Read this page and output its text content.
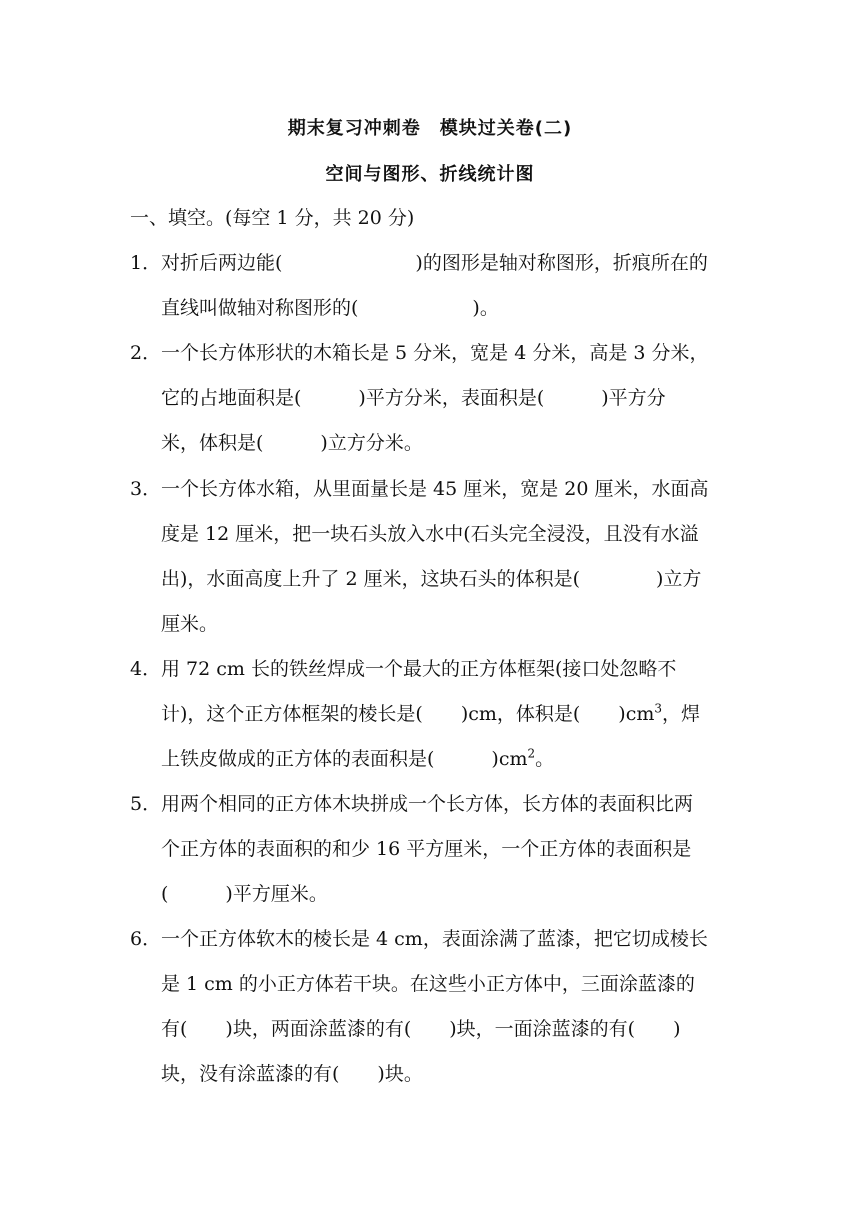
期末复习冲刺卷　模块过关卷(二)
空间与图形、折线统计图
一、填空。(每空 1 分，共 20 分)
1． 对折后两边能(　　　　　　　)的图形是轴对称图形，折痕所在的
直线叫做轴对称图形的(　　　　　　)。
2． 一个长方体形状的木箱长是 5 分米，宽是 4 分米，高是 3 分米，
它的占地面积是(　　　)平方分米，表面积是(　　　)平方分
米，体积是(　　　)立方分米。
3． 一个长方体水箱，从里面量长是 45 厘米，宽是 20 厘米，水面高
度是 12 厘米，把一块石头放入水中(石头完全浸没，且没有水溢
出)，水面高度上升了 2 厘米，这块石头的体积是(　　　　)立方
厘米。
4． 用 72 cm 长的铁丝焊成一个最大的正方体框架(接口处忽略不
计)，这个正方体框架的棱长是(　　)cm，体积是(　　)$cm^3$，焊
上铁皮做成的正方体的表面积是(　　　)$cm^2$。
5． 用两个相同的正方体木块拼成一个长方体，长方体的表面积比两
个正方体的表面积的和少 16 平方厘米，一个正方体的表面积是
(　　　)平方厘米。
6． 一个正方体软木的棱长是 4 cm，表面涂满了蓝漆，把它切成棱长
是 1 cm 的小正方体若干块。在这些小正方体中，三面涂蓝漆的
有(　　)块，两面涂蓝漆的有(　　)块，一面涂蓝漆的有(　　)
块，没有涂蓝漆的有(　　)块。
